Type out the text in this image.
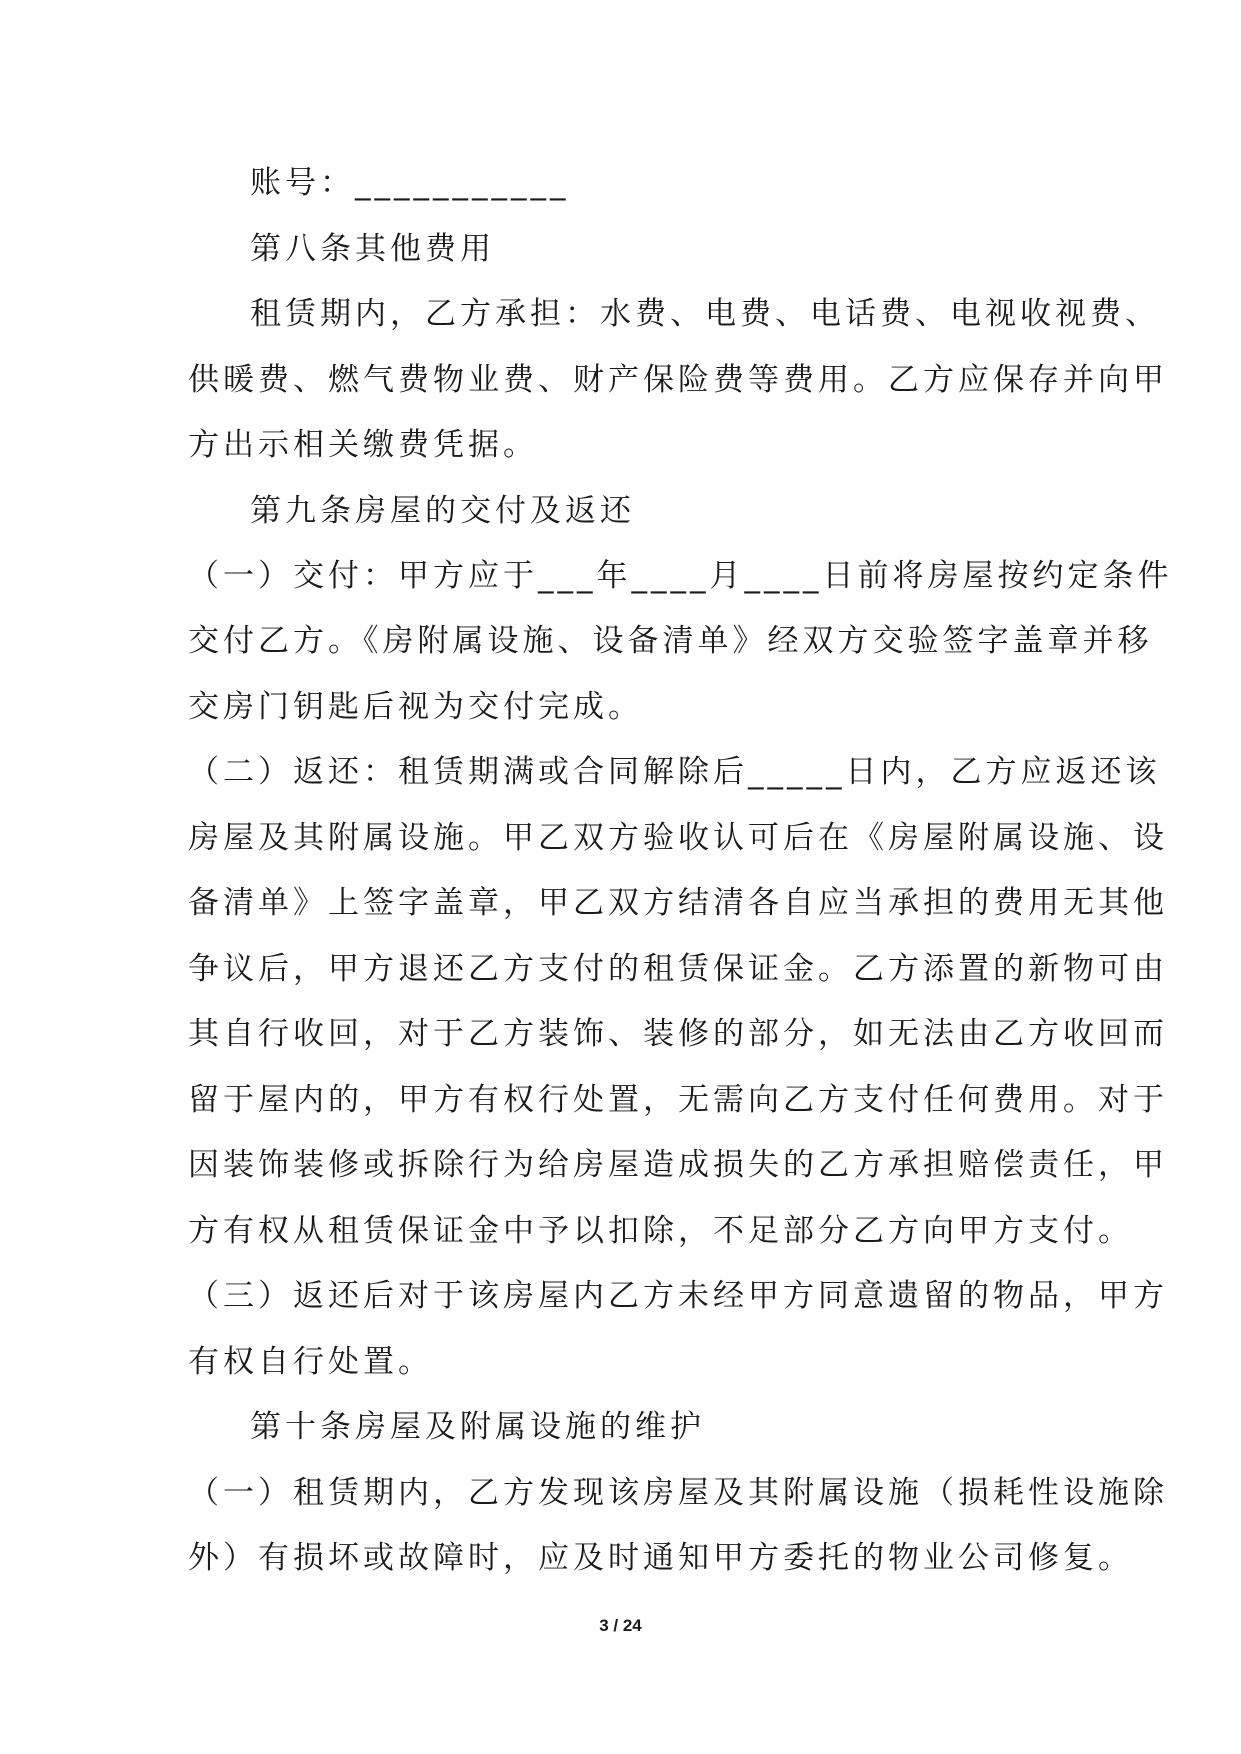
账号：___________
第八条其他费用
租赁期内，乙方承担：水费、电费、电话费、电视收视费、
供暖费、燃气费物业费、财产保险费等费用。乙方应保存并向甲
方出示相关缴费凭据。
第九条房屋的交付及返还
（一）交付：甲方应于___年____月____日前将房屋按约定条件
交付乙方。《房附属设施、设备清单》经双方交验签字盖章并移
交房门钥匙后视为交付完成。
（二）返还：租赁期满或合同解除后_____日内，乙方应返还该
房屋及其附属设施。甲乙双方验收认可后在《房屋附属设施、设
备清单》上签字盖章，甲乙双方结清各自应当承担的费用无其他
争议后，甲方退还乙方支付的租赁保证金。乙方添置的新物可由
其自行收回，对于乙方装饰、装修的部分，如无法由乙方收回而
留于屋内的，甲方有权行处置，无需向乙方支付任何费用。对于
因装饰装修或拆除行为给房屋造成损失的乙方承担赔偿责任，甲
方有权从租赁保证金中予以扣除，不足部分乙方向甲方支付。
（三）返还后对于该房屋内乙方未经甲方同意遗留的物品，甲方
有权自行处置。
第十条房屋及附属设施的维护
（一）租赁期内，乙方发现该房屋及其附属设施（损耗性设施除
外）有损坏或故障时，应及时通知甲方委托的物业公司修复。
3 / 24
